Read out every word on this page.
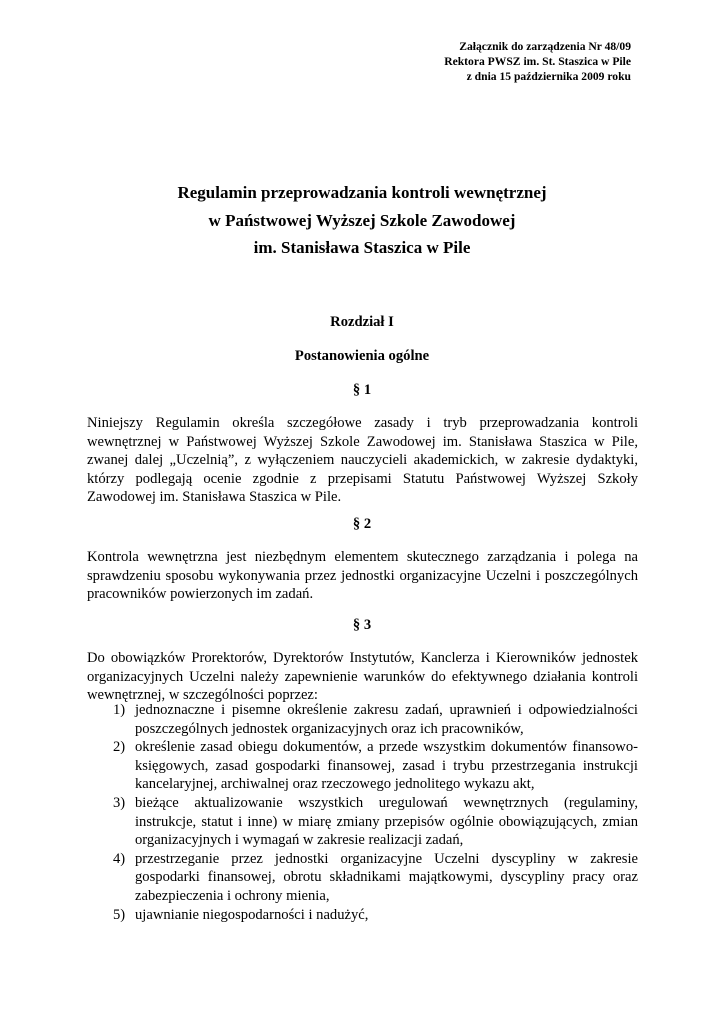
Załącznik do zarządzenia Nr 48/09
Rektora PWSZ im. St. Staszica w Pile
z dnia 15 października 2009 roku
Regulamin przeprowadzania kontroli wewnętrznej
w Państwowej Wyższej Szkole Zawodowej
im. Stanisława Staszica w Pile
Rozdział I
Postanowienia ogólne
§ 1
Niniejszy Regulamin określa szczegółowe zasady i tryb przeprowadzania kontroli wewnętrznej w Państwowej Wyższej Szkole Zawodowej im. Stanisława Staszica w Pile, zwanej dalej „Uczelnią”, z wyłączeniem nauczycieli akademickich, w zakresie dydaktyki, którzy podlegają ocenie zgodnie z przepisami Statutu Państwowej Wyższej Szkoły Zawodowej im. Stanisława Staszica w Pile.
§ 2
Kontrola wewnętrzna jest niezbędnym elementem skutecznego zarządzania i polega na sprawdzeniu sposobu wykonywania przez jednostki organizacyjne Uczelni i poszczególnych pracowników powierzonych im zadań.
§ 3
Do obowiązków Prorektorów, Dyrektorów Instytutów, Kanclerza i Kierowników jednostek organizacyjnych Uczelni należy zapewnienie warunków do efektywnego działania kontroli wewnętrznej, w szczególności poprzez:
1) jednoznaczne i pisemne określenie zakresu zadań, uprawnień i odpowiedzialności poszczególnych jednostek organizacyjnych oraz ich pracowników,
2) określenie zasad obiegu dokumentów, a przede wszystkim dokumentów finansowo-księgowych, zasad gospodarki finansowej, zasad i trybu przestrzegania instrukcji kancelaryjnej, archiwalnej oraz rzeczowego jednolitego wykazu akt,
3) bieżące aktualizowanie wszystkich uregulowań wewnętrznych (regulaminy, instrukcje, statut i inne) w miarę zmiany przepisów ogólnie obowiązujących, zmian organizacyjnych i wymagań w zakresie realizacji zadań,
4) przestrzeganie przez jednostki organizacyjne Uczelni dyscypliny w zakresie gospodarki finansowej, obrotu składnikami majątkowymi, dyscypliny pracy oraz zabezpieczenia i ochrony mienia,
5) ujawnianie niegospodarności i nadużyć,
